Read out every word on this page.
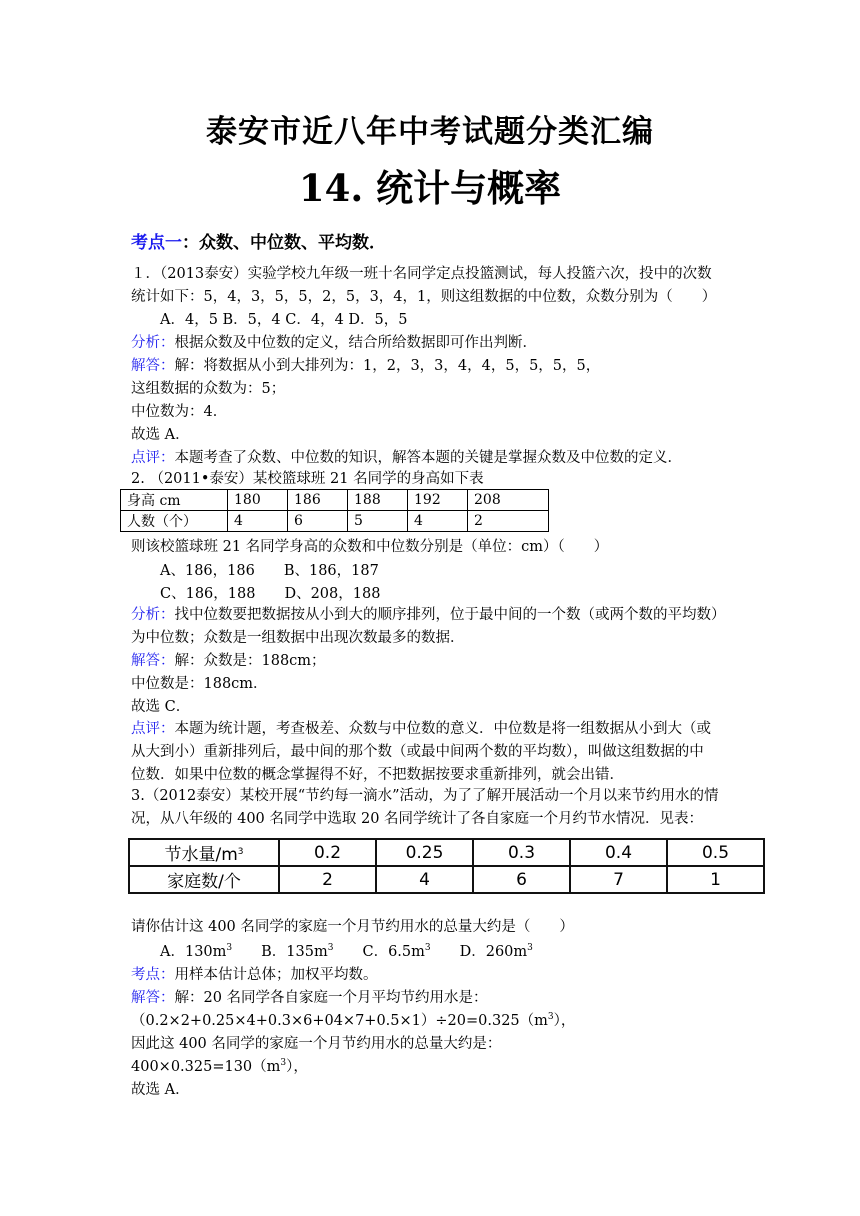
泰安市近八年中考试题分类汇编
14. 统计与概率
考点一：众数、中位数、平均数．
１．（2013泰安）实验学校九年级一班十名同学定点投篮测试，每人投篮六次，投中的次数
统计如下：5，4，3，5，5，2，5，3，4，1，则这组数据的中位数，众数分别为（　　）
A．4，5 B．5，4 C．4，4 D．5，5
分析：根据众数及中位数的定义，结合所给数据即可作出判断．
解答：解：将数据从小到大排列为：1，2，3，3，4，4，5，5，5，5，
这组数据的众数为：5；
中位数为：4．
故选 A．
点评：本题考查了众数、中位数的知识，解答本题的关键是掌握众数及中位数的定义．
2. （2011•泰安）某校篮球班 21 名同学的身高如下表
身高 cm	180	186	188	192	208
人数（个）	4	6	5	4	2
则该校篮球班 21 名同学身高的众数和中位数分别是（单位：cm）（　　）
A、186，186　　B、186，187
C、186，188　　D、208，188
分析：找中位数要把数据按从小到大的顺序排列，位于最中间的一个数（或两个数的平均数）
为中位数；众数是一组数据中出现次数最多的数据．
解答：解：众数是：188cm；
中位数是：188cm．
故选 C．
点评：本题为统计题，考查极差、众数与中位数的意义．中位数是将一组数据从小到大（或
从大到小）重新排列后，最中间的那个数（或最中间两个数的平均数），叫做这组数据的中
位数．如果中位数的概念掌握得不好，不把数据按要求重新排列，就会出错．
3.（2012泰安）某校开展“节约每一滴水”活动，为了了解开展活动一个月以来节约用水的情
况，从八年级的 400 名同学中选取 20 名同学统计了各自家庭一个月约节水情况．见表：
节水量$/m^3$	0.2	0.25	0.3	0.4	0.5
家庭数/个	2	4	6	7	1
请你估计这 400 名同学的家庭一个月节约用水的总量大约是（　　）
A．$130m^3$　　 B．$135m^3$　　 C．$6.5m^3$　　 D．$260m^3$
考点：用样本估计总体；加权平均数。
解答：解：20 名同学各自家庭一个月平均节约用水是：
$(0.2\times 2+0.25\times 4+0.3\times 6+04\times 7+0.5\times 1)\div 20=0.325(m^3)$，
因此这 400 名同学的家庭一个月节约用水的总量大约是：
$400\times 0.325=130(m^3)$，
故选 A．
